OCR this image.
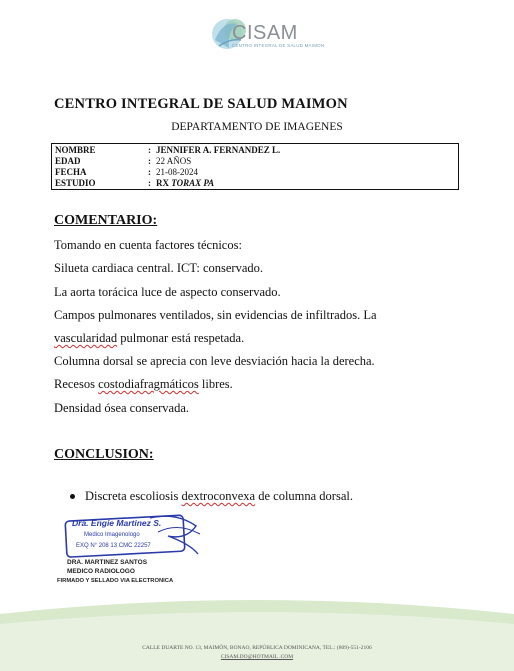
CISAM
CENTRO INTEGRAL DE SALUD MAIMON
CENTRO INTEGRAL DE SALUD MAIMON
DEPARTAMENTO DE IMAGENES
NOMBRE	: JENNIFER A. FERNANDEZ L.
EDAD	: 22 AÑOS
FECHA	: 21-08-2024
ESTUDIO	: RX TORAX PA
COMENTARIO:
Tomando en cuenta factores técnicos:
Silueta cardiaca central. ICT: conservado.
La aorta torácica luce de aspecto conservado.
Campos pulmonares ventilados, sin evidencias de infiltrados. La
vascularidad pulmonar está respetada.
Columna dorsal se aprecia con leve desviación hacia la derecha.
Recesos costodiafragmáticos libres.
Densidad ósea conservada.
CONCLUSION:
Discreta escoliosis dextroconvexa de columna dorsal.
Dra. Engie Martinez S.
Medico Imagenologo
EXQ N° 208 13 CMC 22257
DRA. MARTINEZ SANTOS
MEDICO RADIOLOGO
FIRMADO Y SELLADO VIA ELECTRONICA
CALLE DUARTE NO. 13, MAIMÓN, BONAO, REPÚBLICA DOMINICANA, TEL.: (809)-551-2106
CISAM.DO@HOTMAIL .COM
